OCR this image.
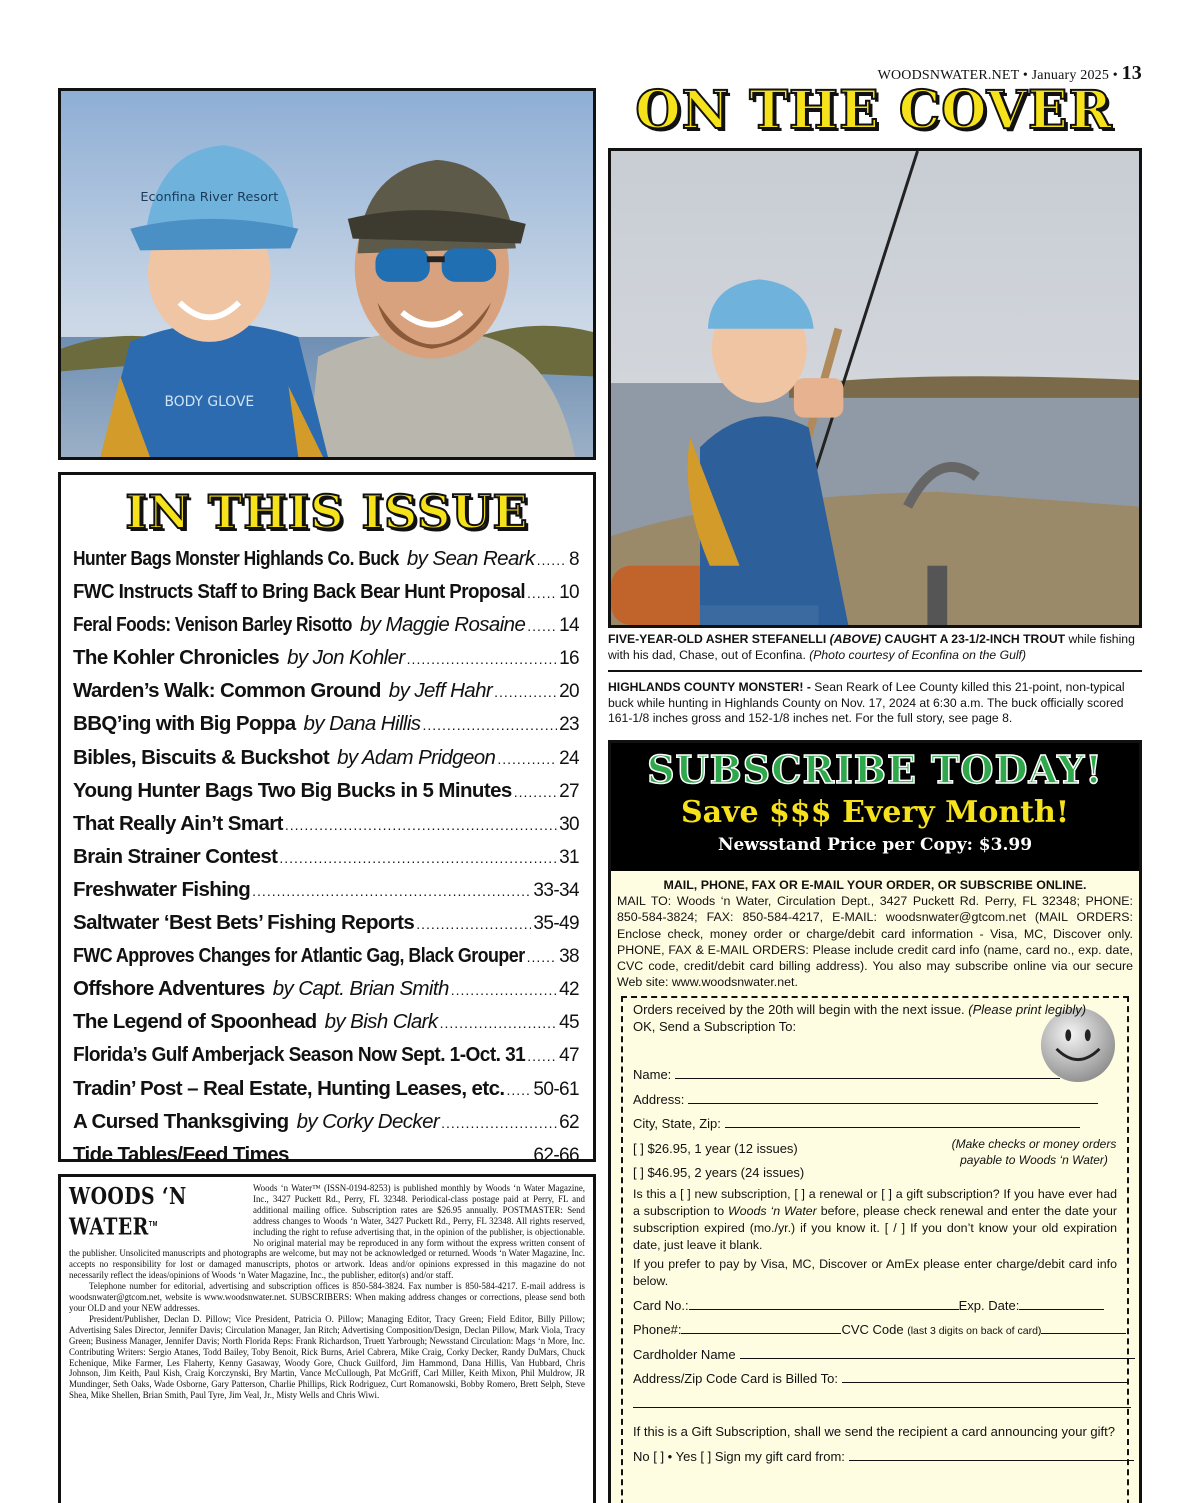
WOODSNWATER.NET • January 2025 • 13
Econfina River Resort
BODY GLOVE
ON THE COVER
FIVE-YEAR-OLD ASHER STEFANELLI (ABOVE) CAUGHT A 23-1/2-INCH TROUT while fishing with his dad, Chase, out of Econfina. (Photo courtesy of Econfina on the Gulf)
HIGHLANDS COUNTY MONSTER! - Sean Reark of Lee County killed this 21-point, non-typical buck while hunting in Highlands County on Nov. 17, 2024 at 6:30 a.m. The buck officially scored 161-1/8 inches gross and 152-1/8 inches net. For the full story, see page 8.
IN THIS ISSUE
Hunter Bags Monster Highlands Co. Buck by Sean Reark ..... 8
FWC Instructs Staff to Bring Back Bear Hunt Proposal ..... 10
Feral Foods: Venison Barley Risotto by Maggie Rosaine ..... 14
The Kohler Chronicles by Jon Kohler .....	16
Warden’s Walk: Common Ground by Jeff Hahr .....	20
BBQ’ing with Big Poppa by Dana Hillis .....	23
Bibles, Biscuits & Buckshot by Adam Pridgeon .....	24
Young Hunter Bags Two Big Bucks in 5 Minutes ..... 27
That Really Ain’t Smart .....	30
Brain Strainer Contest .....	31
Freshwater Fishing .....	33-34
Saltwater ‘Best Bets’ Fishing Reports .....	35-49
FWC Approves Changes for Atlantic Gag, Black Grouper ..... 38
Offshore Adventures by Capt. Brian Smith .....	42
The Legend of Spoonhead by Bish Clark .....	45
Florida’s Gulf Amberjack Season Now Sept. 1-Oct. 31 ..... 47
Tradin’ Post – Real Estate, Hunting Leases, etc. ..... 50-61
A Cursed Thanksgiving by Corky Decker .....	62
Tide Tables/Feed Times .....	62-66
WOODS ‘N WATER™

Woods ‘n Water™ (ISSN-0194-8253) is published monthly by Woods ‘n Water Magazine, Inc., 3427 Puckett Rd., Perry, FL 32348. Periodical-class postage paid at Perry, FL and additional mailing office. Subscription rates are $26.95 annually. POSTMASTER: Send address changes to Woods ‘n Water, 3427 Puckett Rd., Perry, FL 32348. All rights reserved, including the right to refuse advertising that, in the opinion of the publisher, is objectionable. No original material may be reproduced in any form without the express written consent of the publisher. Unsolicited manuscripts and photographs are welcome, but may not be acknowledged or returned. Woods ‘n Water Magazine, Inc. accepts no responsibility for lost or damaged manuscripts, photos or artwork. Ideas and/or opinions expressed in this magazine do not necessarily reflect the ideas/opinions of Woods ‘n Water Magazine, Inc., the publisher, editor(s) and/or staff.

Telephone number for editorial, advertising and subscription offices is 850-584-3824. Fax number is 850-584-4217. E-mail address is woodsnwater@gtcom.net, website is www.woodsnwater.net. SUBSCRIBERS: When making address changes or corrections, please send both your OLD and your NEW addresses.

President/Publisher, Declan D. Pillow; Vice President, Patricia O. Pillow; Managing Editor, Tracy Green; Field Editor, Billy Pillow; Advertising Sales Director, Jennifer Davis; Circulation Manager, Jan Ritch; Advertising Composition/Design, Declan Pillow, Mark Viola, Tracy Green; Business Manager, Jennifer Davis; North Florida Reps: Frank Richardson, Truett Yarbrough; Newsstand Circulation: Mags ‘n More, Inc. Contributing Writers: Sergio Atanes, Todd Bailey, Toby Benoit, Rick Burns, Ariel Cabrera, Mike Craig, Corky Decker, Randy DuMars, Chuck Echenique, Mike Farmer, Les Flaherty, Kenny Gasaway, Woody Gore, Chuck Guilford, Jim Hammond, Dana Hillis, Van Hubbard, Chris Johnson, Jim Keith, Paul Kish, Craig Korczynski, Bry Martin, Vance McCullough, Pat McGriff, Carl Miller, Keith Mixon, Phil Muldrow, JR Mundinger, Seth Oaks, Wade Osborne, Gary Patterson, Charlie Phillips, Rick Rodriguez, Curt Romanowski, Bobby Romero, Brett Selph, Steve Shea, Mike Shellen, Brian Smith, Paul Tyre, Jim Veal, Jr., Misty Wells and Chris Wiwi.

SUBSCRIBE TODAY!
Save $$$ Every Month!
Newsstand Price per Copy: $3.99
MAIL, PHONE, FAX OR E-MAIL YOUR ORDER, OR SUBSCRIBE ONLINE.
MAIL TO: Woods ‘n Water, Circulation Dept., 3427 Puckett Rd. Perry, FL 32348; PHONE: 850-584-3824; FAX: 850-584-4217, E-MAIL: woodsnwater@gtcom.net (MAIL ORDERS: Enclose check, money order or charge/debit card information - Visa, MC, Discover only. PHONE, FAX & E-MAIL ORDERS: Please include credit card info (name, card no., exp. date, CVC code, credit/debit card billing address). You also may subscribe online via our secure Web site: www.woodsnwater.net.
Orders received by the 20th will begin with the next issue. (Please print legibly)
OK, Send a Subscription To:
Name:
Address:
City, State, Zip:
[ ] $26.95, 1 year (12 issues)
[ ] $46.95, 2 years (24 issues)
(Make checks or money orders payable to Woods ‘n Water)
Is this a [ ] new subscription, [ ] a renewal or [ ] a gift subscription? If you have ever had a subscription to Woods ‘n Water before, please check renewal and enter the date your subscription expired (mo./yr.) if you know it. [ / ] If you don’t know your old expiration date, just leave it blank.
If you prefer to pay by Visa, MC, Discover or AmEx please enter charge/debit card info below.
Card No.:	Exp. Date:
Phone#:	CVC Code (last 3 digits on back of card)
Cardholder Name
Address/Zip Code Card is Billed To:
If this is a Gift Subscription, shall we send the recipient a card announcing your gift?
No [ ] • Yes [ ] Sign my gift card from:
